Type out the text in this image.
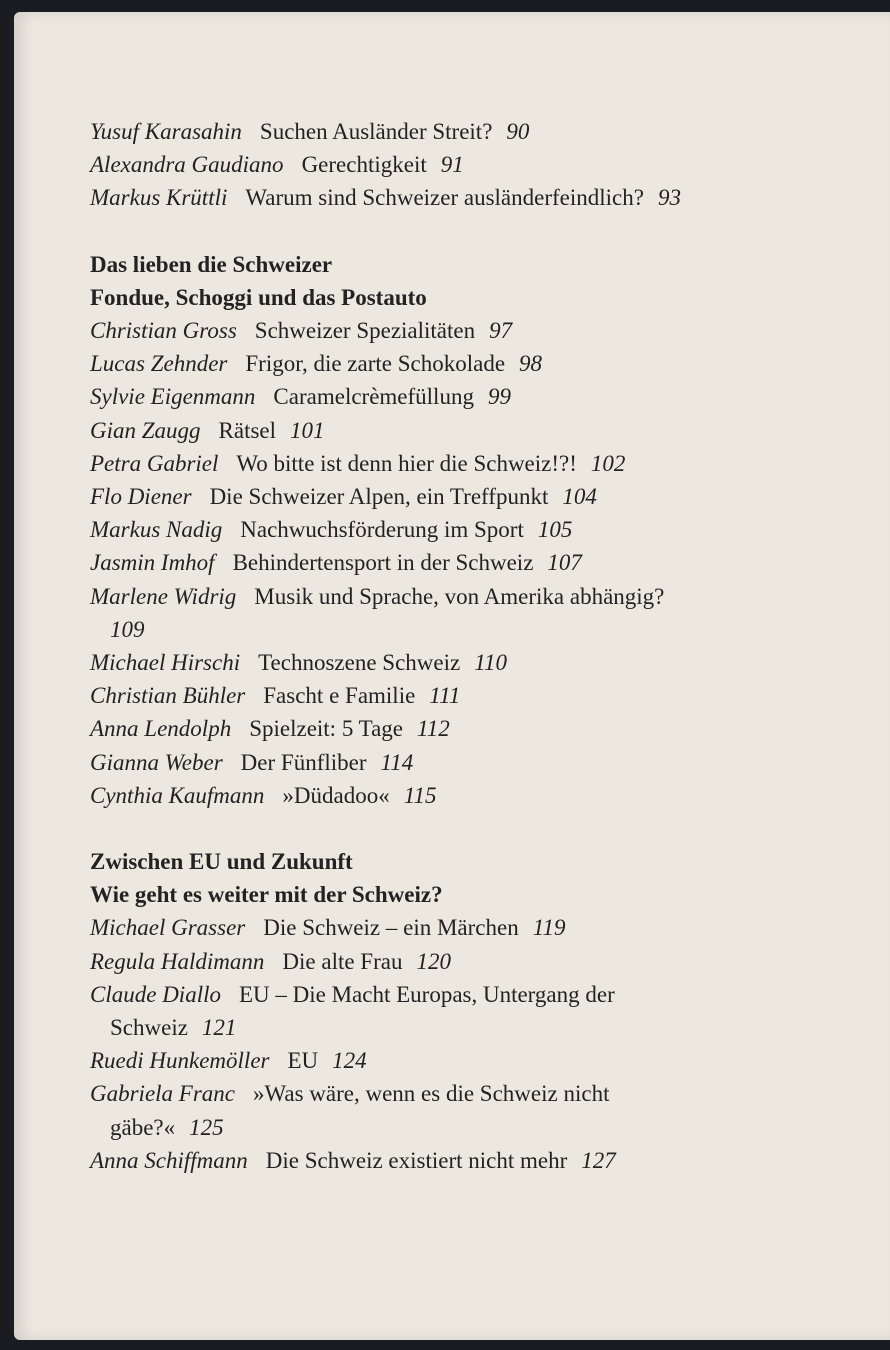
Yusuf Karasahin Suchen Ausländer Streit? 90
Alexandra Gaudiano Gerechtigkeit 91
Markus Krüttli Warum sind Schweizer ausländerfeindlich? 93
Das lieben die Schweizer
Fondue, Schoggi und das Postauto
Christian Gross Schweizer Spezialitäten 97
Lucas Zehnder Frigor, die zarte Schokolade 98
Sylvie Eigenmann Caramelcrèmefüllung 99
Gian Zaugg Rätsel 101
Petra Gabriel Wo bitte ist denn hier die Schweiz!?! 102
Flo Diener Die Schweizer Alpen, ein Treffpunkt 104
Markus Nadig Nachwuchsförderung im Sport 105
Jasmin Imhof Behindertensport in der Schweiz 107
Marlene Widrig Musik und Sprache, von Amerika abhängig?109
Michael Hirschi Technoszene Schweiz 110
Christian Bühler Fascht e Familie 111
Anna Lendolph Spielzeit: 5 Tage 112
Gianna Weber Der Fünfliber 114
Cynthia Kaufmann »Düdadoo« 115
Zwischen EU und Zukunft
Wie geht es weiter mit der Schweiz?
Michael Grasser Die Schweiz – ein Märchen 119
Regula Haldimann Die alte Frau 120
Claude Diallo EU – Die Macht Europas, Untergang der Schweiz 121
Ruedi Hunkemöller EU 124
Gabriela Franc »Was wäre, wenn es die Schweiz nicht gäbe?« 125
Anna Schiffmann Die Schweiz existiert nicht mehr 127
